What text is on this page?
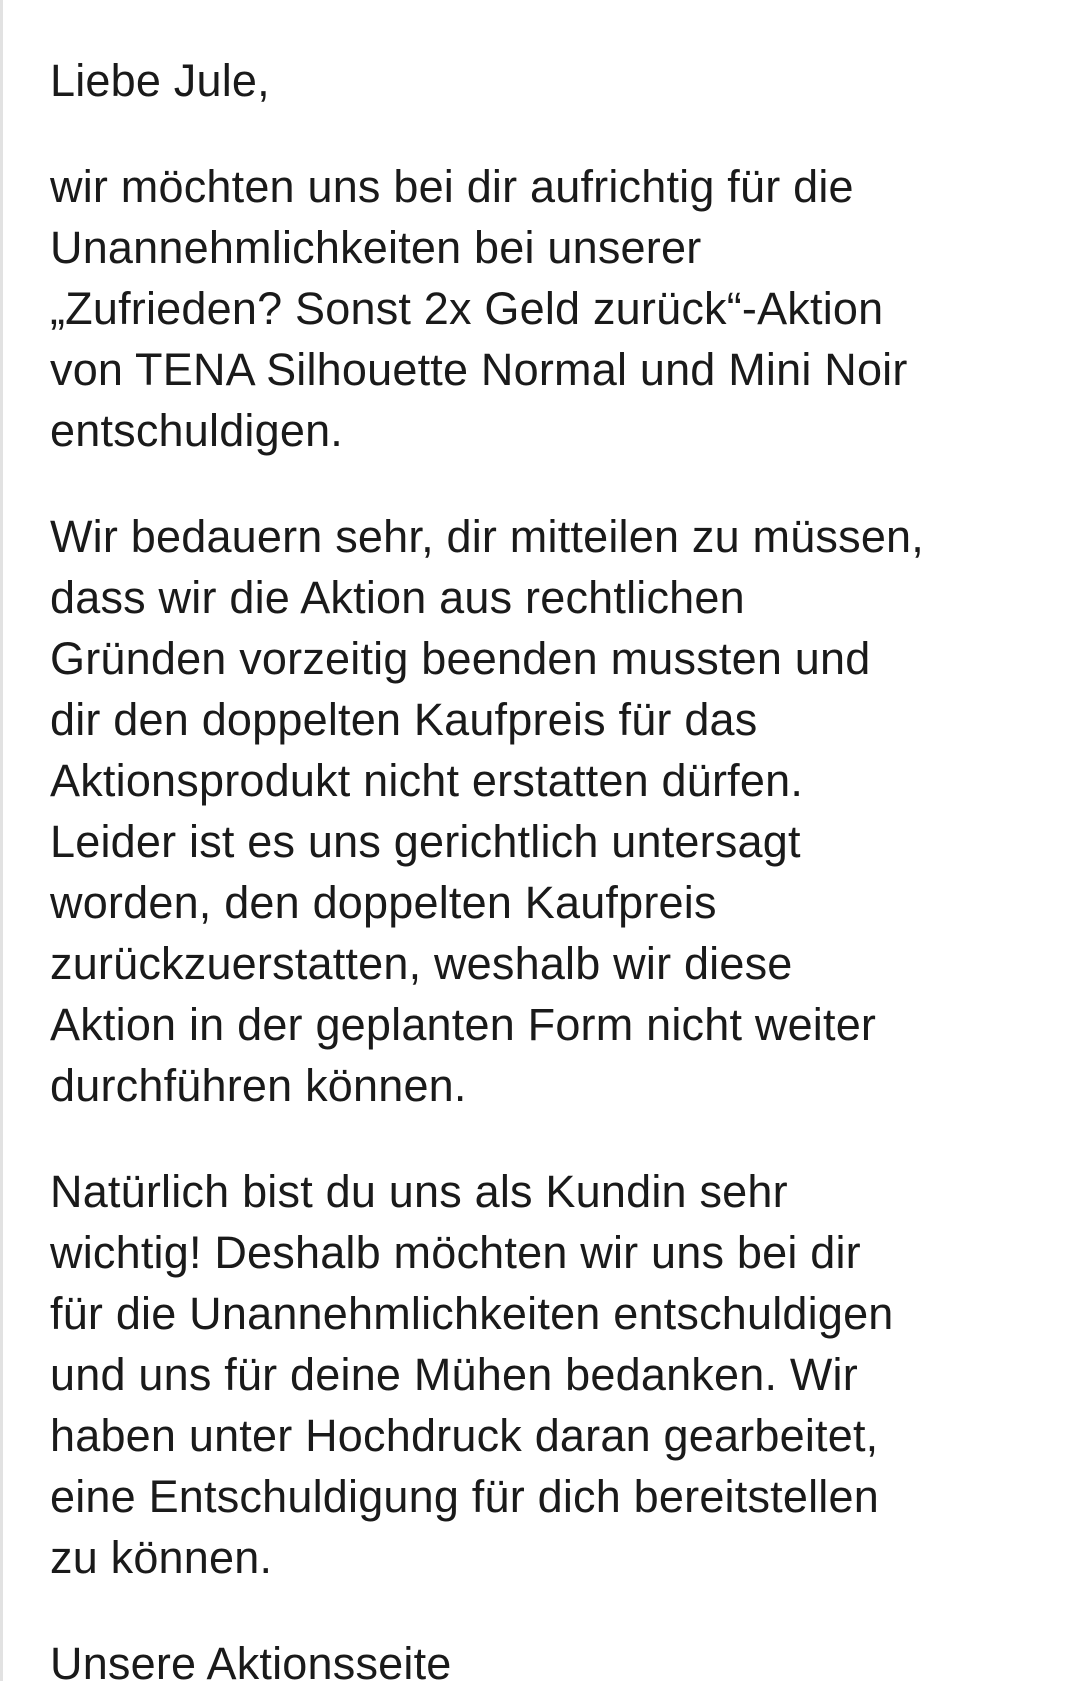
Liebe Jule,
wir möchten uns bei dir aufrichtig für die
Unannehmlichkeiten bei unserer
„Zufrieden? Sonst 2x Geld zurück“-Aktion
von TENA Silhouette Normal und Mini Noir
entschuldigen.
Wir bedauern sehr, dir mitteilen zu müssen,
dass wir die Aktion aus rechtlichen
Gründen vorzeitig beenden mussten und
dir den doppelten Kaufpreis für das
Aktionsprodukt nicht erstatten dürfen.
Leider ist es uns gerichtlich untersagt
worden, den doppelten Kaufpreis
zurückzuerstatten, weshalb wir diese
Aktion in der geplanten Form nicht weiter
durchführen können.
Natürlich bist du uns als Kundin sehr
wichtig! Deshalb möchten wir uns bei dir
für die Unannehmlichkeiten entschuldigen
und uns für deine Mühen bedanken. Wir
haben unter Hochdruck daran gearbeitet,
eine Entschuldigung für dich bereitstellen
zu können.
Unsere Aktionsseite
